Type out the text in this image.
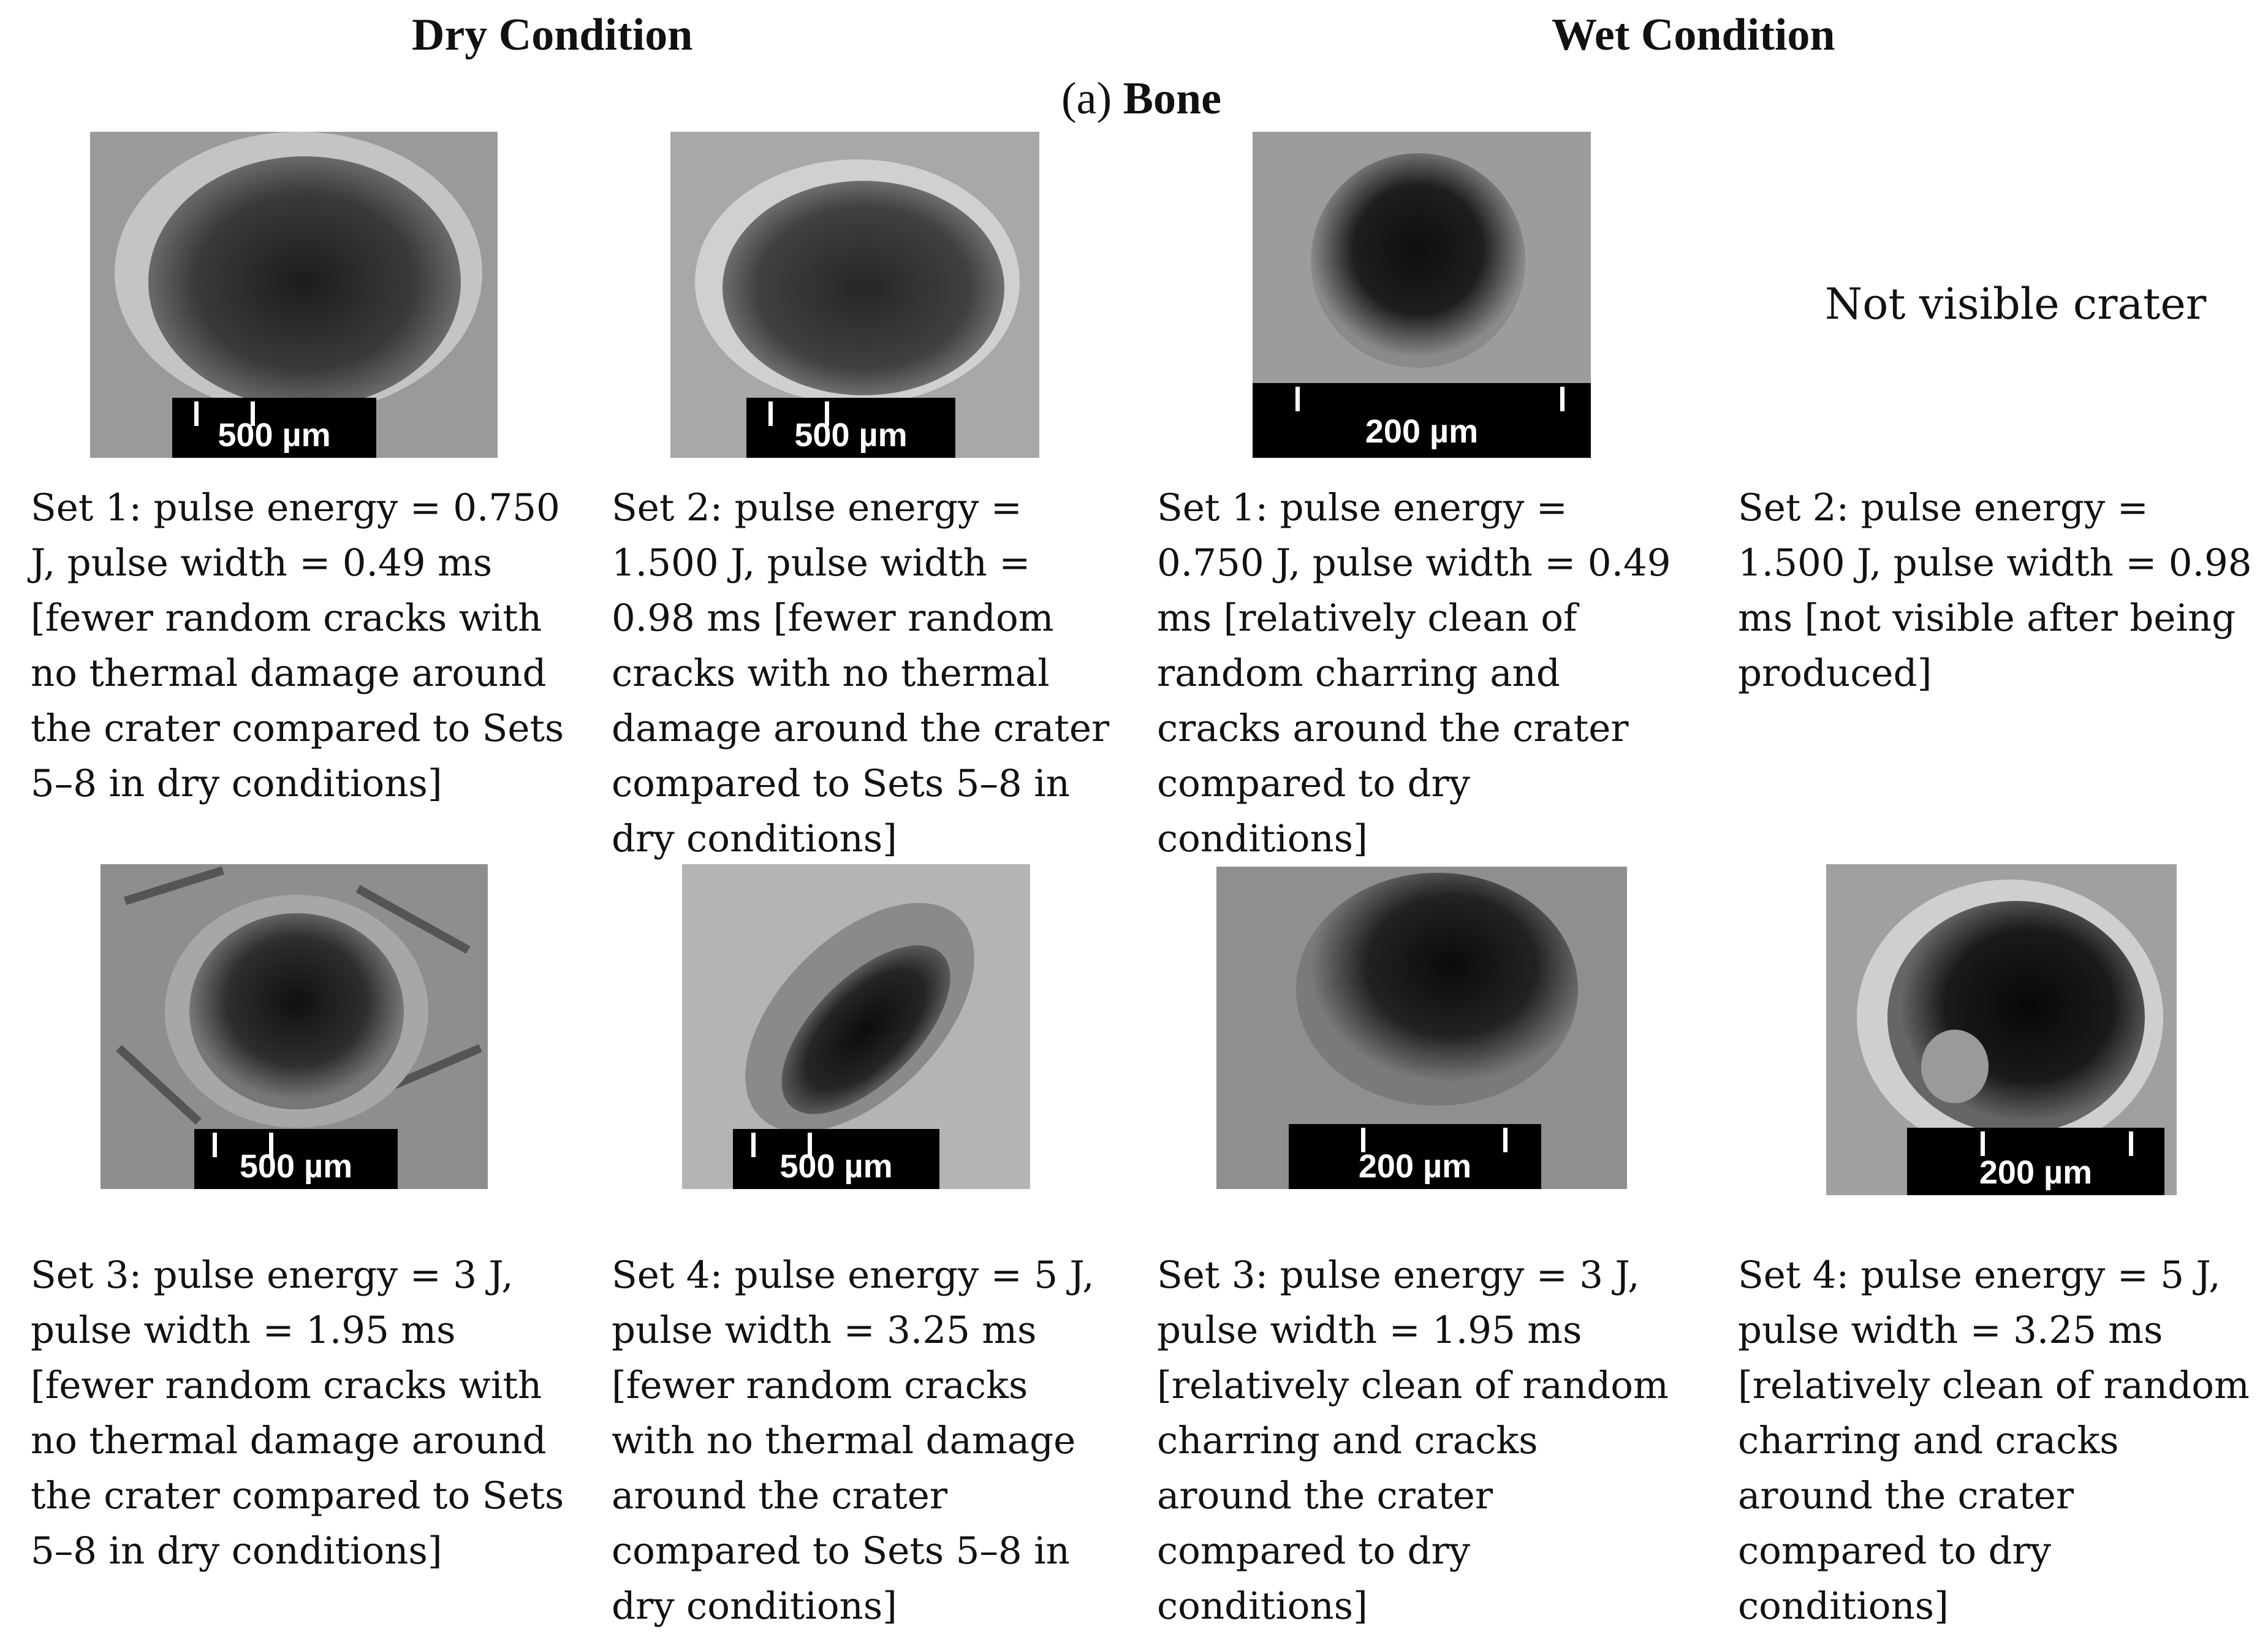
Dry Condition	Wet Condition
(a) Bone
500 µm	500 µm	200 µm
Not visible crater
Set 1: pulse energy = 0.750 J, pulse width = 0.49 ms [fewer random cracks with no thermal damage around the crater compared to Sets 5–8 in dry conditions]
Set 2: pulse energy = 1.500 J, pulse width = 0.98 ms [fewer random cracks with no thermal damage around the crater compared to Sets 5–8 in dry conditions]
Set 1: pulse energy = 0.750 J, pulse width = 0.49 ms [relatively clean of random charring and cracks around the crater compared to dry conditions]
Set 2: pulse energy = 1.500 J, pulse width = 0.98 ms [not visible after being produced]
500 µm	500 µm	200 µm	200 µm
Set 3: pulse energy = 3 J, pulse width = 1.95 ms [fewer random cracks with no thermal damage around the crater compared to Sets 5–8 in dry conditions]
Set 4: pulse energy = 5 J, pulse width = 3.25 ms [fewer random cracks with no thermal damage around the crater compared to Sets 5–8 in dry conditions]
Set 3: pulse energy = 3 J, pulse width = 1.95 ms [relatively clean of random charring and cracks around the crater compared to dry conditions]
Set 4: pulse energy = 5 J, pulse width = 3.25 ms [relatively clean of random charring and cracks around the crater compared to dry conditions]
